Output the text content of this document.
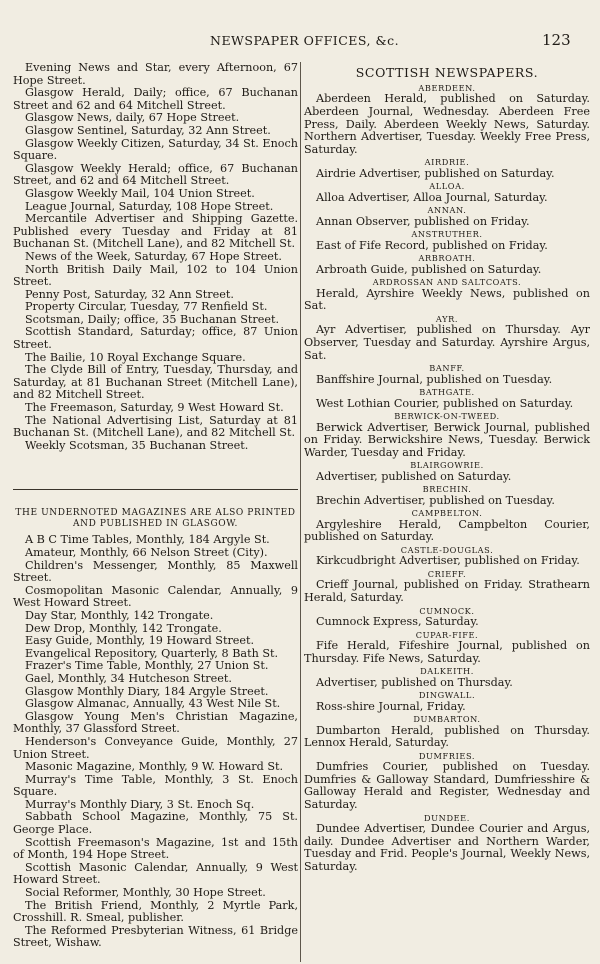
NEWSPAPER OFFICES, &c.	123

Evening News and Star, every Afternoon, 67 Hope Street.

Glasgow Herald, Daily; office, 67 Buchanan Street and 62 and 64 Mitchell Street.

Glasgow News, daily, 67 Hope Street.

Glasgow Sentinel, Saturday, 32 Ann Street.

Glasgow Weekly Citizen, Saturday, 34 St. Enoch Square.

Glasgow Weekly Herald; office, 67 Buchanan Street, and 62 and 64 Mitchell Street.

Glasgow Weekly Mail, 104 Union Street.

League Journal, Saturday, 108 Hope Street.

Mercantile Advertiser and Shipping Gazette. Published every Tuesday and Friday at 81 Buchanan St. (Mitchell Lane), and 82 Mitchell St.

News of the Week, Saturday, 67 Hope Street.

North British Daily Mail, 102 to 104 Union Street.

Penny Post, Saturday, 32 Ann Street.

Property Circular, Tuesday, 77 Renfield St.

Scotsman, Daily; office, 35 Buchanan Street.

Scottish Standard, Saturday; office, 87 Union Street.

The Bailie, 10 Royal Exchange Square.

The Clyde Bill of Entry, Tuesday, Thursday, and Saturday, at 81 Buchanan Street (Mitchell Lane), and 82 Mitchell Street.

The Freemason, Saturday, 9 West Howard St.

The National Advertising List, Saturday at 81 Buchanan St. (Mitchell Lane), and 82 Mitchell St.

Weekly Scotsman, 35 Buchanan Street.

THE UNDERNOTED MAGAZINES ARE ALSO PRINTED
AND PUBLISHED IN GLASGOW.

A B C Time Tables, Monthly, 184 Argyle St.

Amateur, Monthly, 66 Nelson Street (City).

Children's Messenger, Monthly, 85 Maxwell Street.

Cosmopolitan Masonic Calendar, Annually, 9 West Howard Street.

Day Star, Monthly, 142 Trongate.

Dew Drop, Monthly, 142 Trongate.

Easy Guide, Monthly, 19 Howard Street.

Evangelical Repository, Quarterly, 8 Bath St.

Frazer's Time Table, Monthly, 27 Union St.

Gael, Monthly, 34 Hutcheson Street.

Glasgow Monthly Diary, 184 Argyle Street.

Glasgow Almanac, Annually, 43 West Nile St.

Glasgow Young Men's Christian Magazine, Monthly, 37 Glassford Street.

Henderson's Conveyance Guide, Monthly, 27 Union Street.

Masonic Magazine, Monthly, 9 W. Howard St.

Murray's Time Table, Monthly, 3 St. Enoch Square.

Murray's Monthly Diary, 3 St. Enoch Sq.

Sabbath School Magazine, Monthly, 75 St. George Place.

Scottish Freemason's Magazine, 1st and 15th of Month, 194 Hope Street.

Scottish Masonic Calendar, Annually, 9 West Howard Street.

Social Reformer, Monthly, 30 Hope Street.

The British Friend, Monthly, 2 Myrtle Park, Crosshill. R. Smeal, publisher.

The Reformed Presbyterian Witness, 61 Bridge Street, Wishaw.

SCOTTISH NEWSPAPERS.
ABERDEEN.

Aberdeen Herald, published on Saturday. Aberdeen Journal, Wednesday. Aberdeen Free Press, Daily. Aberdeen Weekly News, Saturday. Northern Advertiser, Tuesday. Weekly Free Press, Saturday.

AIRDRIE.

Airdrie Advertiser, published on Saturday.

ALLOA.

Alloa Advertiser, Alloa Journal, Saturday.

ANNAN.

Annan Observer, published on Friday.

ANSTRUTHER.

East of Fife Record, published on Friday.

ARBROATH.

Arbroath Guide, published on Saturday.

ARDROSSAN AND SALTCOATS.

Herald, Ayrshire Weekly News, published on Sat.

AYR.

Ayr Advertiser, published on Thursday. Ayr Observer, Tuesday and Saturday. Ayrshire Argus, Sat.

BANFF.

Banffshire Journal, published on Tuesday.

BATHGATE.

West Lothian Courier, published on Saturday.

BERWICK-ON-TWEED.

Berwick Advertiser, Berwick Journal, published on Friday. Berwickshire News, Tuesday. Berwick Warder, Tuesday and Friday.

BLAIRGOWRIE.

Advertiser, published on Saturday.

BRECHIN.

Brechin Advertiser, published on Tuesday.

CAMPBELTON.

Argyleshire Herald, Campbelton Courier, published on Saturday.

CASTLE-DOUGLAS.

Kirkcudbright Advertiser, published on Friday.

CRIEFF.

Crieff Journal, published on Friday. Strathearn Herald, Saturday.

CUMNOCK.

Cumnock Express, Saturday.

CUPAR-FIFE.

Fife Herald, Fifeshire Journal, published on Thursday. Fife News, Saturday.

DALKEITH.

Advertiser, published on Thursday.

DINGWALL.

Ross-shire Journal, Friday.

DUMBARTON.

Dumbarton Herald, published on Thursday. Lennox Herald, Saturday.

DUMFRIES.

Dumfries Courier, published on Tuesday. Dumfries & Galloway Standard, Dumfriesshire & Galloway Herald and Register, Wednesday and Saturday.

DUNDEE.

Dundee Advertiser, Dundee Courier and Argus, daily. Dundee Advertiser and Northern Warder, Tuesday and Frid. People's Journal, Weekly News, Saturday.
